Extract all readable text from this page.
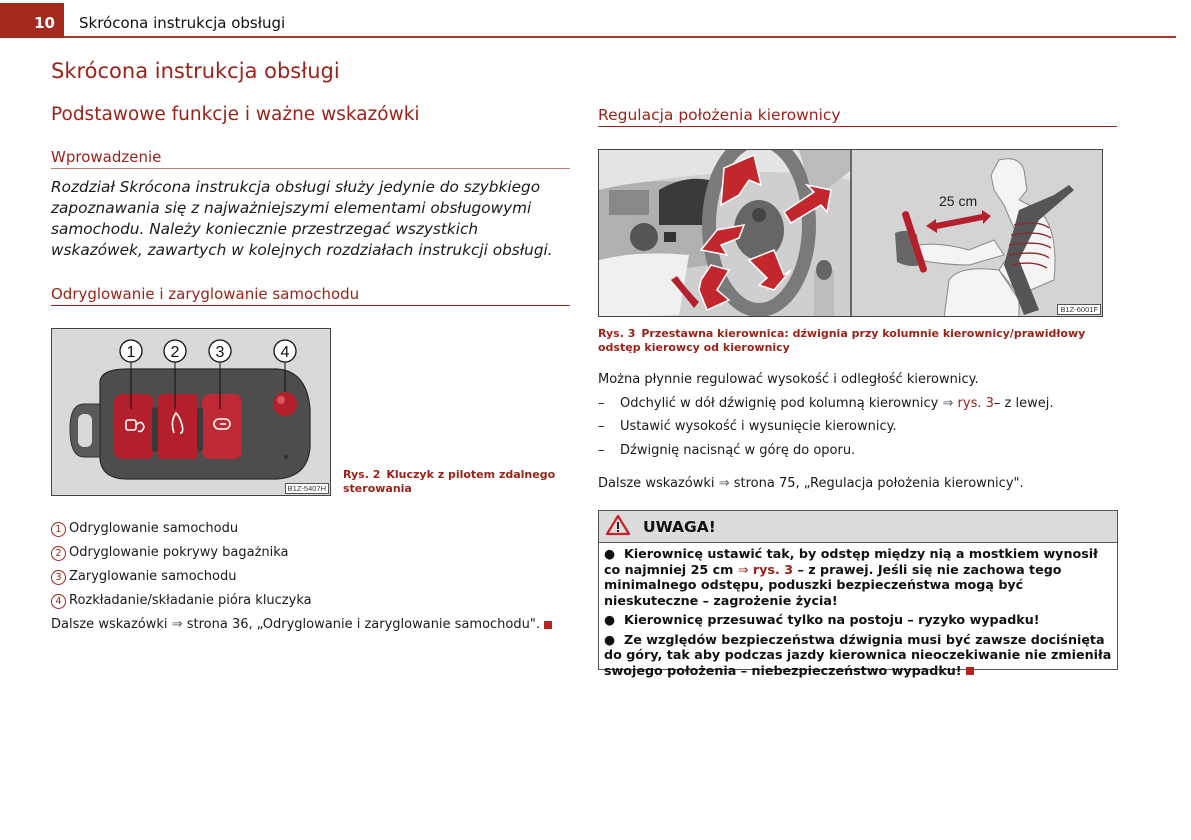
10	Skrócona instrukcja obsługi
Skrócona instrukcja obsługi
Podstawowe funkcje i ważne wskazówki
Wprowadzenie
Rozdział Skrócona instrukcja obsługi służy jedynie do szybkiego zapoznawania się z najważniejszymi elementami obsługowymi samochodu. Należy koniecznie przestrzegać wszystkich wskazówek, zawartych w kolejnych rozdziałach instrukcji obsługi.
Odryglowanie i zaryglowanie samochodu
1 2 3	4
B1Z-5407H
Rys. 2 Kluczyk z pilotem zdalnego sterowania
1 Odryglowanie samochodu
2 Odryglowanie pokrywy bagażnika
3 Zaryglowanie samochodu
4 Rozkładanie/składanie pióra kluczyka
Dalsze wskazówki
⇒
strona 36, „Odryglowanie i zaryglowanie samochodu".
Regulacja położenia kierownicy
25 cm
B1Z-6001F
Rys. 3 Przestawna kierownica: dźwignia przy kolumnie kierownicy/prawidłowy odstęp kierowcy od kierownicy
Można płynnie regulować wysokość i odległość kierownicy.
–	Odchylić w dół dźwignię pod kolumną kierownicy
⇒
rys. 3 – z lewej.
–	Ustawić wysokość i wysunięcie kierownicy.
–	Dźwignię nacisnąć w górę do oporu.
Dalsze wskazówki ⇒ strona 75, „Regulacja położenia kierownicy".
UWAGA!

● Kierownicę ustawić tak, by odstęp między nią a mostkiem wynosił co najmniej 25 cm ⇒ rys. 3 – z prawej. Jeśli się nie zachowa tego minimalnego odstępu, poduszki bezpieczeństwa mogą być nieskuteczne – zagrożenie życia!

● Kierownicę przesuwać tylko na postoju – ryzyko wypadku!

● Ze względów bezpieczeństwa dźwignia musi być zawsze dociśnięta do góry, tak aby podczas jazdy kierownica nieoczekiwanie nie zmieniła swojego położenia – niebezpieczeństwo wypadku!
